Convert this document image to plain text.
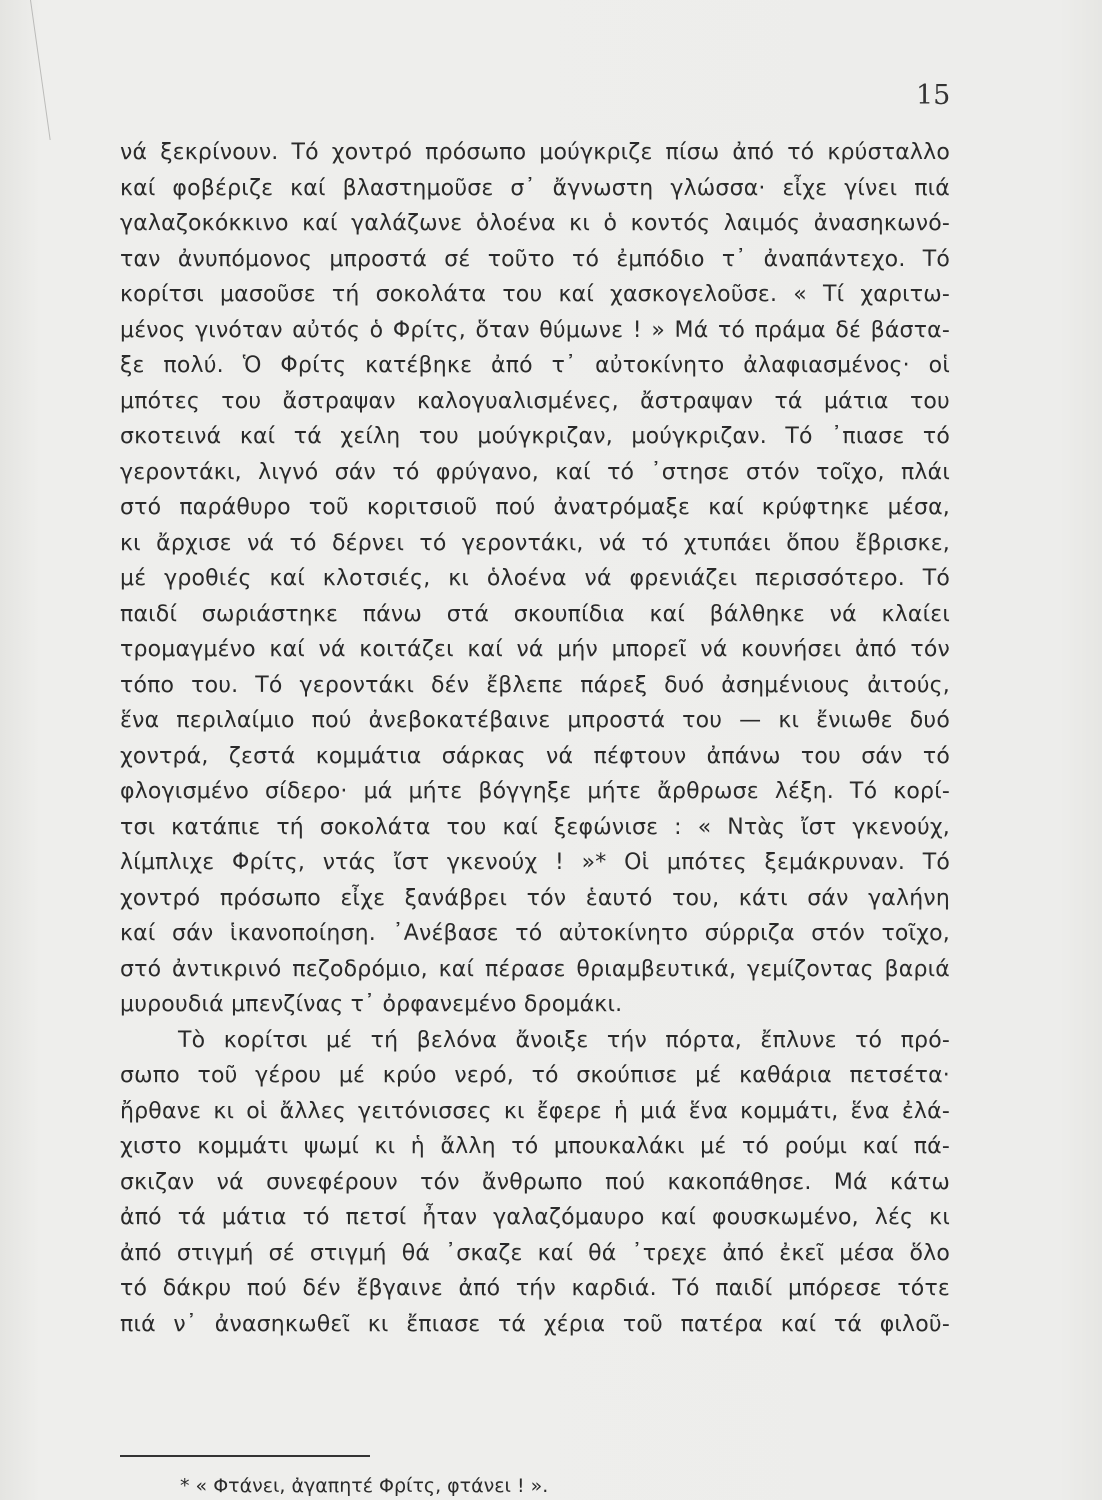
15
νά ξεκρίνουν. Τό χοντρό πρόσωπο μούγκριζε πίσω ἀπό τό κρύσταλλο
καί φοβέριζε καί βλαστημοῦσε σ᾽ ἄγνωστη γλώσσα· εἶχε γίνει πιά
γαλαζοκόκκινο καί γαλάζωνε ὁλοένα κι ὁ κοντός λαιμός ἀνασηκωνό-
ταν ἀνυπόμονος μπροστά σέ τοῦτο τό ἐμπόδιο τ᾽ ἀναπάντεχο. Τό
κορίτσι μασοῦσε τή σοκολάτα του καί χασκογελοῦσε. « Τί χαριτω-
μένος γινόταν αὐτός ὁ Φρίτς, ὅταν θύμωνε ! » Μά τό πράμα δέ βάστα-
ξε πολύ. Ὁ Φρίτς κατέβηκε ἀπό τ᾽ αὐτοκίνητο ἀλαφιασμένος· οἱ
μπότες του ἄστραψαν καλογυαλισμένες, ἄστραψαν τά μάτια του
σκοτεινά καί τά χείλη του μούγκριζαν, μούγκριζαν. Τό ᾽πιασε τό
γεροντάκι, λιγνό σάν τό φρύγανο, καί τό ᾽στησε στόν τοῖχο, πλάι
στό παράθυρο τοῦ κοριτσιοῦ πού ἀνατρόμαξε καί κρύφτηκε μέσα,
κι ἄρχισε νά τό δέρνει τό γεροντάκι, νά τό χτυπάει ὅπου ἔβρισκε,
μέ γροθιές καί κλοτσιές, κι ὁλοένα νά φρενιάζει περισσότερο. Τό
παιδί σωριάστηκε πάνω στά σκουπίδια καί βάλθηκε νά κλαίει
τρομαγμένο καί νά κοιτάζει καί νά μήν μπορεῖ νά κουνήσει ἀπό τόν
τόπο του. Τό γεροντάκι δέν ἔβλεπε πάρεξ δυό ἀσημένιους ἀιτούς,
ἕνα περιλαίμιο πού ἀνεβοκατέβαινε μπροστά του — κι ἔνιωθε δυό
χοντρά, ζεστά κομμάτια σάρκας νά πέφτουν ἀπάνω του σάν τό
φλογισμένο σίδερο· μά μήτε βόγγηξε μήτε ἄρθρωσε λέξη. Τό κορί-
τσι κατάπιε τή σοκολάτα του καί ξεφώνισε : « Ντὰς ἴστ γκενούχ,
λίμπλιχε Φρίτς, ντάς ἴστ γκενούχ ! »* Οἱ μπότες ξεμάκρυναν. Τό
χοντρό πρόσωπο εἶχε ξανάβρει τόν ἑαυτό του, κάτι σάν γαλήνη
καί σάν ἱκανοποίηση. ᾽Ανέβασε τό αὐτοκίνητο σύρριζα στόν τοῖχο,
στό ἀντικρινό πεζοδρόμιο, καί πέρασε θριαμβευτικά, γεμίζοντας βαριά
μυρουδιά μπενζίνας τ᾽ ὀρφανεμένο δρομάκι.
Τὸ κορίτσι μέ τή βελόνα ἄνοιξε τήν πόρτα, ἔπλυνε τό πρό-
σωπο τοῦ γέρου μέ κρύο νερό, τό σκούπισε μέ καθάρια πετσέτα·
ἤρθανε κι οἱ ἄλλες γειτόνισσες κι ἔφερε ἡ μιά ἕνα κομμάτι, ἕνα ἐλά-
χιστο κομμάτι ψωμί κι ἡ ἄλλη τό μπουκαλάκι μέ τό ρούμι καί πά-
σκιζαν νά συνεφέρουν τόν ἄνθρωπο πού κακοπάθησε. Μά κάτω
ἀπό τά μάτια τό πετσί ἦταν γαλαζόμαυρο καί φουσκωμένο, λές κι
ἀπό στιγμή σέ στιγμή θά ᾽σκαζε καί θά ᾽τρεχε ἀπό ἐκεῖ μέσα ὅλο
τό δάκρυ πού δέν ἔβγαινε ἀπό τήν καρδιά. Τό παιδί μπόρεσε τότε
πιά ν᾽ ἀνασηκωθεῖ κι ἔπιασε τά χέρια τοῦ πατέρα καί τά φιλοῦ-
* « Φτάνει, ἀγαπητέ Φρίτς, φτάνει ! ».
